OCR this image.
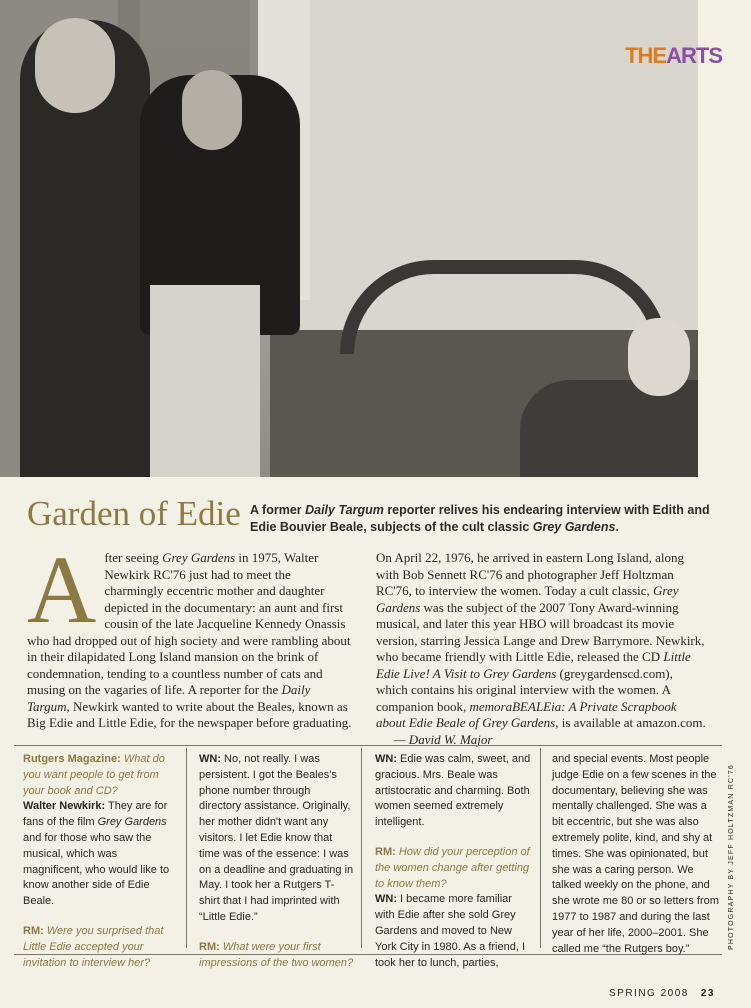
THEARTS
Garden of Edie A former Daily Targum reporter relives his endearing interview with Edith and Edie Bouvier Beale, subjects of the cult classic Grey Gardens.
After seeing Grey Gardens in 1975, Walter Newkirk RC'76 just had to meet the charmingly eccentric mother and daughter depicted in the documentary: an aunt and first cousin of the late Jacqueline Kennedy Onassis who had dropped out of high society and were rambling about in their dilapidated Long Island mansion on the brink of condemnation, tending to a countless number of cats and musing on the vagaries of life. A reporter for the Daily Targum, Newkirk wanted to write about the Beales, known as Big Edie and Little Edie, for the newspaper before graduating.
On April 22, 1976, he arrived in eastern Long Island, along with Bob Sennett RC'76 and photographer Jeff Holtzman RC'76, to interview the women. Today a cult classic, Grey Gardens was the subject of the 2007 Tony Award-winning musical, and later this year HBO will broadcast its movie version, starring Jessica Lange and Drew Barrymore. Newkirk, who became friendly with Little Edie, released the CD Little Edie Live! A Visit to Grey Gardens (greygardenscd.com), which contains his original interview with the women. A companion book, memoraBEALEia: A Private Scrapbook about Edie Beale of Grey Gardens, is available at amazon.com.— David W. Major

Rutgers Magazine: What do you want people to get from your book and CD?

Walter Newkirk: They are for fans of the film Grey Gardens and for those who saw the musical, which was magnificent, who would like to know another side of Edie Beale.

RM: Were you surprised that Little Edie accepted your invitation to interview her?

WN: No, not really. I was persistent. I got the Beales's phone number through directory assistance. Originally, her mother didn't want any visitors. I let Edie know that time was of the essence: I was on a deadline and graduating in May. I took her a Rutgers T-shirt that I had imprinted with “Little Edie.”

RM: What were your first impressions of the two women?

WN: Edie was calm, sweet, and gracious. Mrs. Beale was artistocratic and charming. Both women seemed extremely intelligent.

RM: How did your perception of the women change after getting to know them?

WN: I became more familiar with Edie after she sold Grey Gardens and moved to New York City in 1980. As a friend, I took her to lunch, parties,

and special events. Most people judge Edie on a few scenes in the documentary, believing she was mentally challenged. She was a bit eccentric, but she was also extremely polite, kind, and shy at times. She was opinionated, but she was a caring person. We talked weekly on the phone, and she wrote me 80 or so letters from 1977 to 1987 and during the last year of her life, 2000–2001. She called me “the Rutgers boy.”	PHOTOGRAPHY BY JEFF HOLTZMAN RC'76
SPRING 2008 23
